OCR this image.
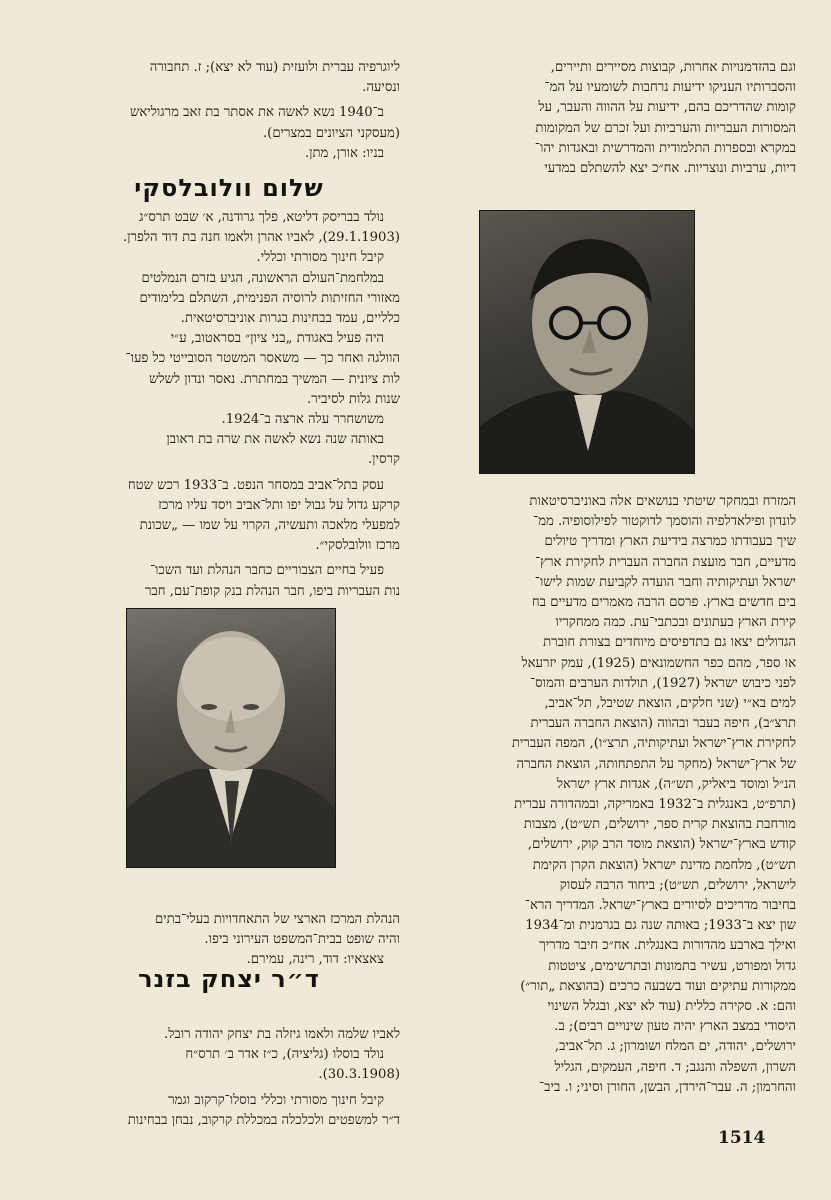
ליוגרפיה עברית ולועזית (עוד לא יצא); ז. תחבורה

ונסיעה.

ב־1940 נשא לאשה את אסתר בת זאב מרגוליאש

(מעסקני הציונים במצרים).

בניו: אורן, מתן.

שלום וולובלסקי

נולד בבריסק דליטא, פלך גרודנה, א׳ שבט תרס״ג

(29.1.1903), לאביו אהרן ולאמו חנה בת דוד הלפרן.

קיבל חינוך מסורתי וכללי.

במלחמת־העולם הראשונה, הגיע בזרם הנמלטים

מאזורי החזיתות לרוסיה הפנימית, השתלם בלימודים

כלליים, עמד בבחינות בגרות אוניברסיטאית.

היה פעיל באגודת „בני ציון״ בסראטוב, ע״י

הוולגה ואחר כך — משאסר המשטר הסובייטי כל פעו־

לות ציונית — המשיך במחתרת. נאסר ונדון לשלש

שנות גלות לסיביר.

משושחרר עלה ארצה ב־1924.

באותה שנה נשא לאשה את שרה בת ראובן

קרסין.

עסק בתל־אביב במסחר הנפט. ב־1933 רכש שטח

קרקע גדול על גבול יפו ותל־אביב ויסד עליו מרכז

למפעלי מלאכה ותעשיה, הקרוי על שמו — „שכונת

מרכז וולובלסקי״.

פעיל בחיים הצבוריים כחבר הנהלת ועד השכו־

נות העבריות ביפו, חבר הנהלת בנק קופת־עם, חבר

הנהלת המרכז הארצי של התאחדויות בעלי־בתים

והיה שופט בבית־המשפט העירוני ביפו.

צאצאיו: דוד, רינה, עמירם.

ד״ר יצחק בזנר

לאביו שלמה ולאמו גיזלה בת יצחק יהודה רובל.

נולד בוסלו (גליציה), כ״ז אדר ב׳ תרס״ח

(30.3.1908).

קיבל חינוך מסורתי וכללי בוסלו־קרקוב וגמר

ד״ר למשפטים ולכלכלה במכללת קרקוב, נבחן בבחינות

וגם בהזדמנויות אחרות, קבוצות מסיירים ותיירים,

והסברותיו העניקו ידיעות נרחבות לשומעיו על המ־

קומות שהדריכם בהם, ידיעות על ההווה והעבר, על

המסורות העבריות והערביות ועל זכרם של המקומות

במקרא ובספרות התלמודית והמדרשית ובאגדות יהו־

דיות, ערביות ונוצריות. אח״כ יצא להשתלם במדעי

המזרח ובמחקר שיטתי בנושאים אלה באוניברסיטאות

לונדון ופילאדלפיה והוסמך לדוקטור לפילוסופיה. ממ־

שיך בעבודתו כמרצה בידיעת הארץ ומדריך טיולים

מדעיים, חבר מועצת החברה העברית לחקירת ארץ־

ישראל ועתיקותיה וחבר הועדה לקביעת שמות לישו־

בים חדשים בארץ. פרסם הרבה מאמרים מדעיים בח

קירת הארץ בעתונים ובכתבי־עת. כמה ממחקריו

הגדולים יצאו גם בתדפיסים מיוחדים בצורת חוברת

או ספר, מהם כפר החשמונאים (1925), עמק יזרעאל

לפני כיבוש ישראל (1927), תולדות הערבים והמוס־

למים בא״י (שני חלקים, הוצאת שטיבל, תל־אביב,

תרצ״ב), חיפה בעבר ובהווה (הוצאת החברה העברית

לחקירת ארץ־ישראל ועתיקותיה, תרצ״ו), המפה העברית

של ארץ־ישראל (מחקר על התפתחותה, הוצאת החברה

הנ״ל ומוסד ביאליק, תש״ה), אגדות ארץ ישראל

(תרפ״ט, באנגלית ב־1932 באמריקה, ובמהדורה עברית

מורחבת בהוצאת קרית ספר, ירושלים, תש״ט), מצבות

קודש בארץ־ישראל (הוצאת מוסד הרב קוק, ירושלים,

תש״ט), מלחמת מדינת ישראל (הוצאת הקרן הקימת

לישראל, ירושלים, תש״ט); ביחוד הרבה לעסוק

בחיבור מדריכים לסיורים בארץ־ישראל. המדריך הרא־

שון יצא ב־1933; באותה שנה גם בגרמנית ומ־1934

ואילך בארבע מהדורות באנגלית. אח״כ חיבר מדריך

גדול ומפורט, עשיר בתמונות ובתרשימים, ציטטות

ממקורות עתיקים ועוד בשבעה כרכים (בהוצאת „תור״)

והם: א. סקירה כללית (עוד לא יצא, ובגלל השינוי

היסודי במצב הארץ יהיה טעון שינויים רבים); ב.

ירושלים, יהודה, ים המלח ושומרון; ג. תל־אביב,

השרון, השפלה והנגב; ד. חיפה, העמקים, הגליל

והחרמון; ה. עבר־הירדן, הבשן, החורן וסיני; ו. ביב־

1514
